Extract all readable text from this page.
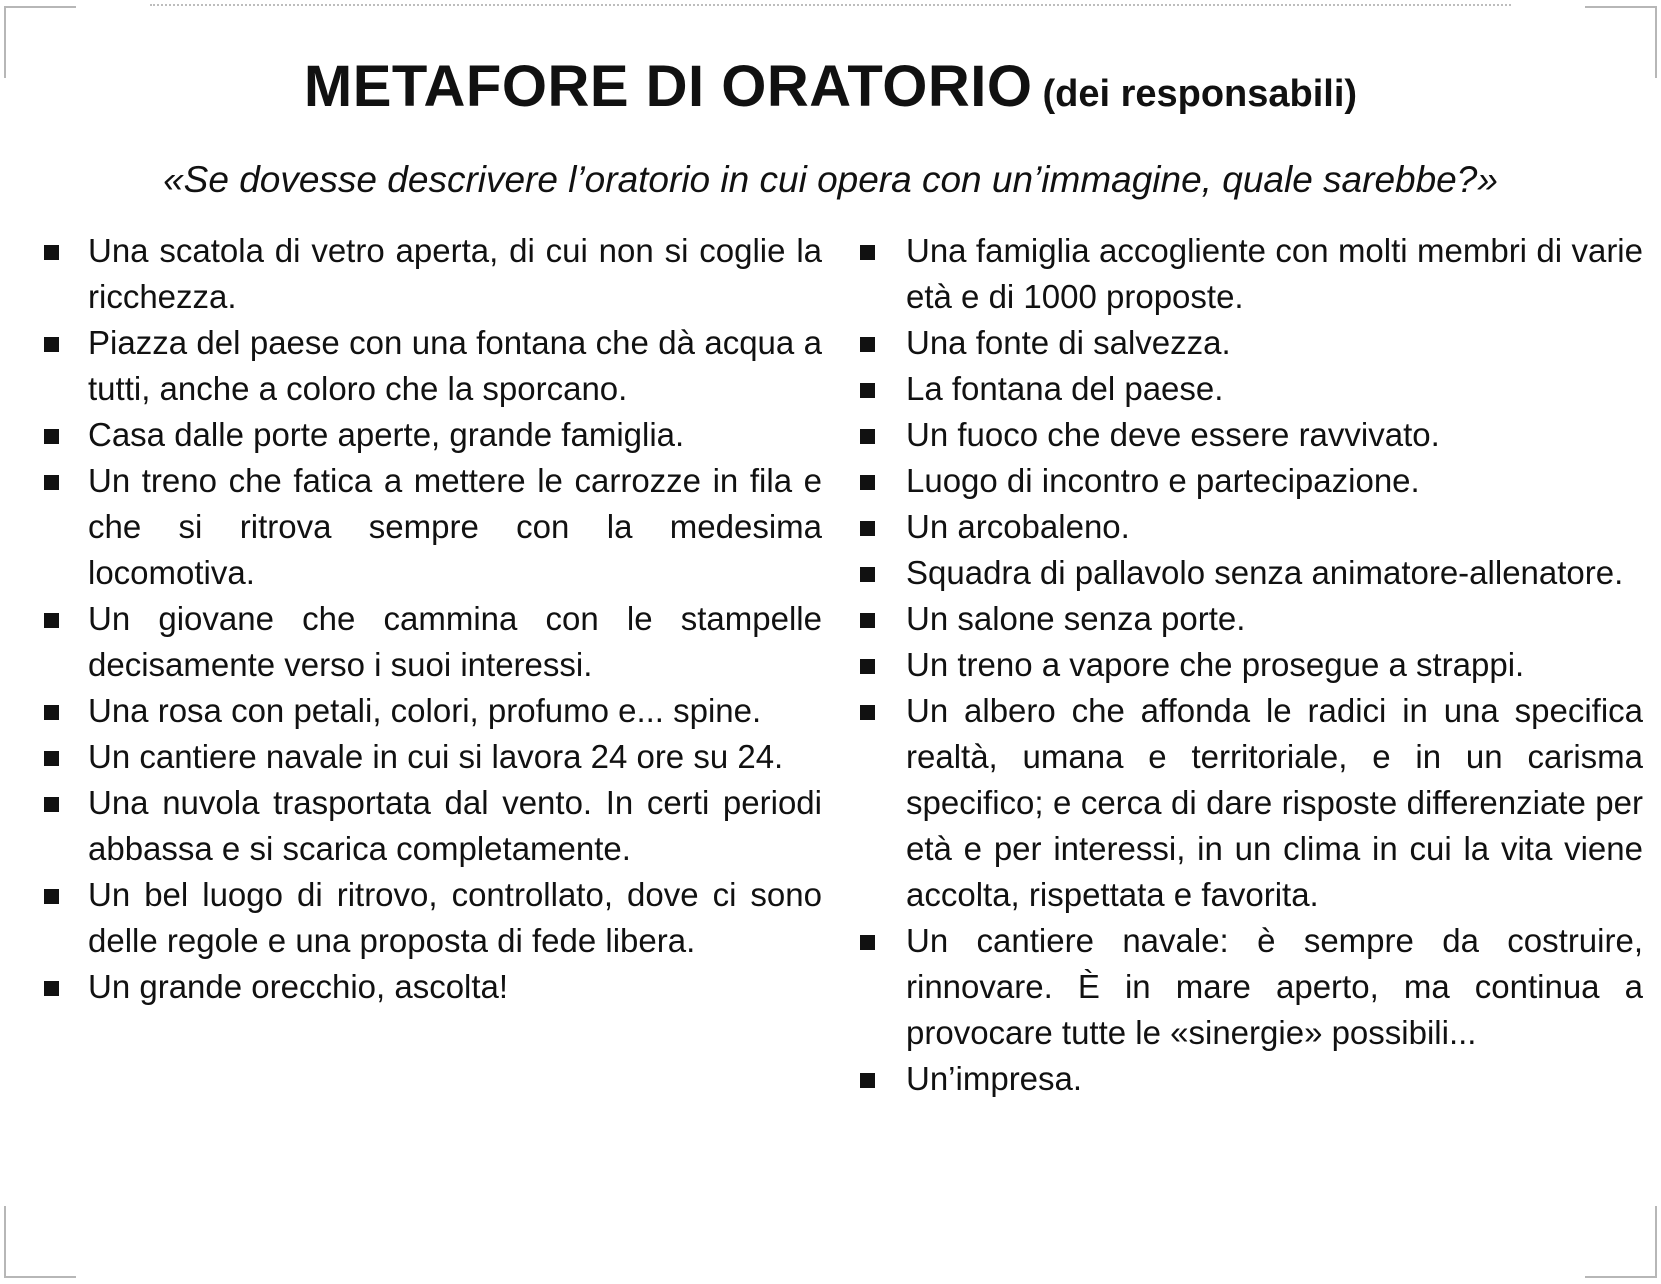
METAFORE DI ORATORIO (dei responsabili)
«Se dovesse descrivere l’oratorio in cui opera con un’immagine, quale sarebbe?»
Una scatola di vetro aperta, di cui non si coglie la ricchezza.
Piazza del paese con una fontana che dà acqua a tutti, anche a coloro che la sporcano.
Casa dalle porte aperte, grande famiglia.
Un treno che fatica a mettere le carrozze in fila e che si ritrova sempre con la medesima locomotiva.
Un giovane che cammina con le stampelle decisamente verso i suoi interessi.
Una rosa con petali, colori, profumo e... spine.
Un cantiere navale in cui si lavora 24 ore su 24.
Una nuvola trasportata dal vento. In certi periodi abbassa e si scarica completamente.
Un bel luogo di ritrovo, controllato, dove ci sono delle regole e una proposta di fede libera.
Un grande orecchio, ascolta!
Una famiglia accogliente con molti membri di varie età e di 1000 proposte.
Una fonte di salvezza.
La fontana del paese.
Un fuoco che deve essere ravvivato.
Luogo di incontro e partecipazione.
Un arcobaleno.
Squadra di pallavolo senza animatore-allenatore.
Un salone senza porte.
Un treno a vapore che prosegue a strappi.
Un albero che affonda le radici in una specifica realtà, umana e territoriale, e in un carisma specifico; e cerca di dare risposte differenziate per età e per interessi, in un clima in cui la vita viene accolta, rispettata e favorita.
Un cantiere navale: è sempre da costruire, rinnovare. È in mare aperto, ma continua a provocare tutte le «sinergie» possibili...
Un’impresa.
